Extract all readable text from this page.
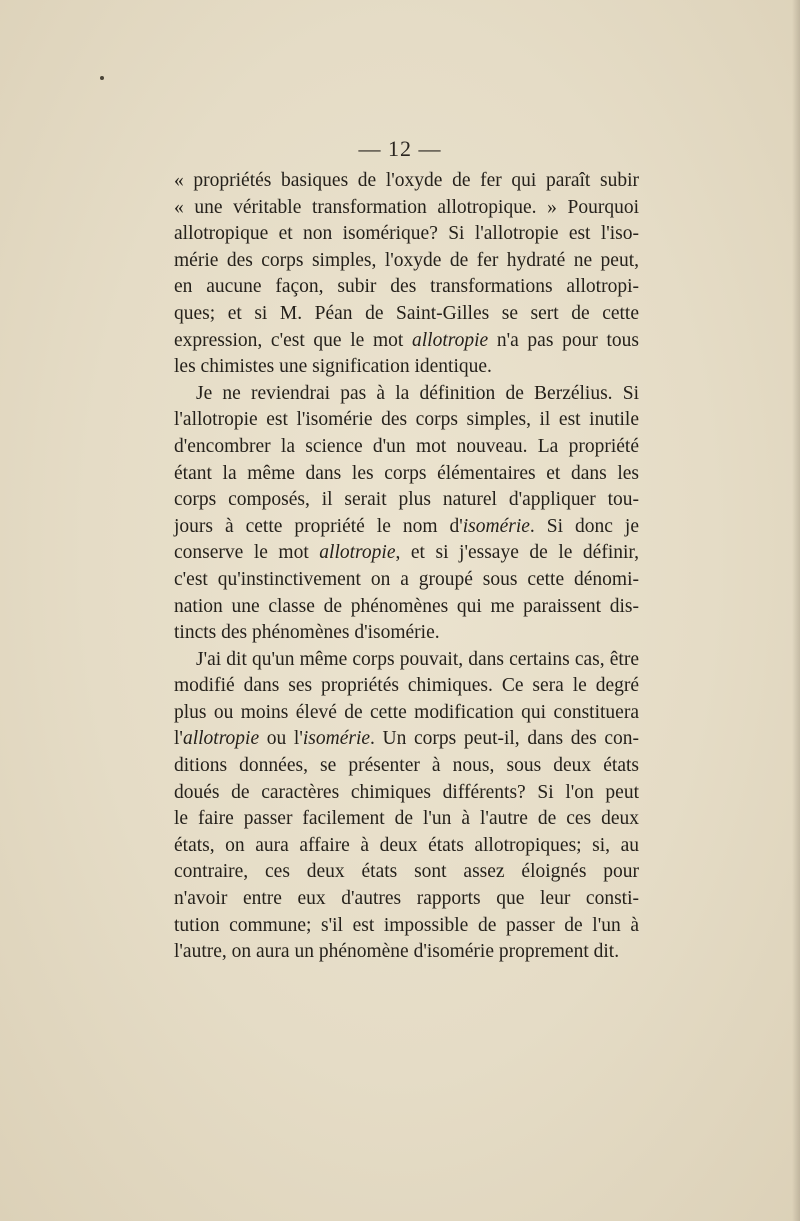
— 12 —
« propriétés basiques de l'oxyde de fer qui paraît subir
« une véritable transformation allotropique. » Pourquoi
allotropique et non isomérique? Si l'allotropie est l'iso-
mérie des corps simples, l'oxyde de fer hydraté ne peut,
en aucune façon, subir des transformations allotropi-
ques; et si M. Péan de Saint-Gilles se sert de cette
expression, c'est que le mot allotropie n'a pas pour tous
les chimistes une signification identique.
Je ne reviendrai pas à la définition de Berzélius. Si
l'allotropie est l'isomérie des corps simples, il est inutile
d'encombrer la science d'un mot nouveau. La propriété
étant la même dans les corps élémentaires et dans les
corps composés, il serait plus naturel d'appliquer tou-
jours à cette propriété le nom d'isomérie. Si donc je
conserve le mot allotropie, et si j'essaye de le définir,
c'est qu'instinctivement on a groupé sous cette dénomi-
nation une classe de phénomènes qui me paraissent dis-
tincts des phénomènes d'isomérie.
J'ai dit qu'un même corps pouvait, dans certains cas, être
modifié dans ses propriétés chimiques. Ce sera le degré
plus ou moins élevé de cette modification qui constituera
l'allotropie ou l'isomérie. Un corps peut-il, dans des con-
ditions données, se présenter à nous, sous deux états
doués de caractères chimiques différents? Si l'on peut
le faire passer facilement de l'un à l'autre de ces deux
états, on aura affaire à deux états allotropiques; si, au
contraire, ces deux états sont assez éloignés pour
n'avoir entre eux d'autres rapports que leur consti-
tution commune; s'il est impossible de passer de l'un à
l'autre, on aura un phénomène d'isomérie proprement dit.
